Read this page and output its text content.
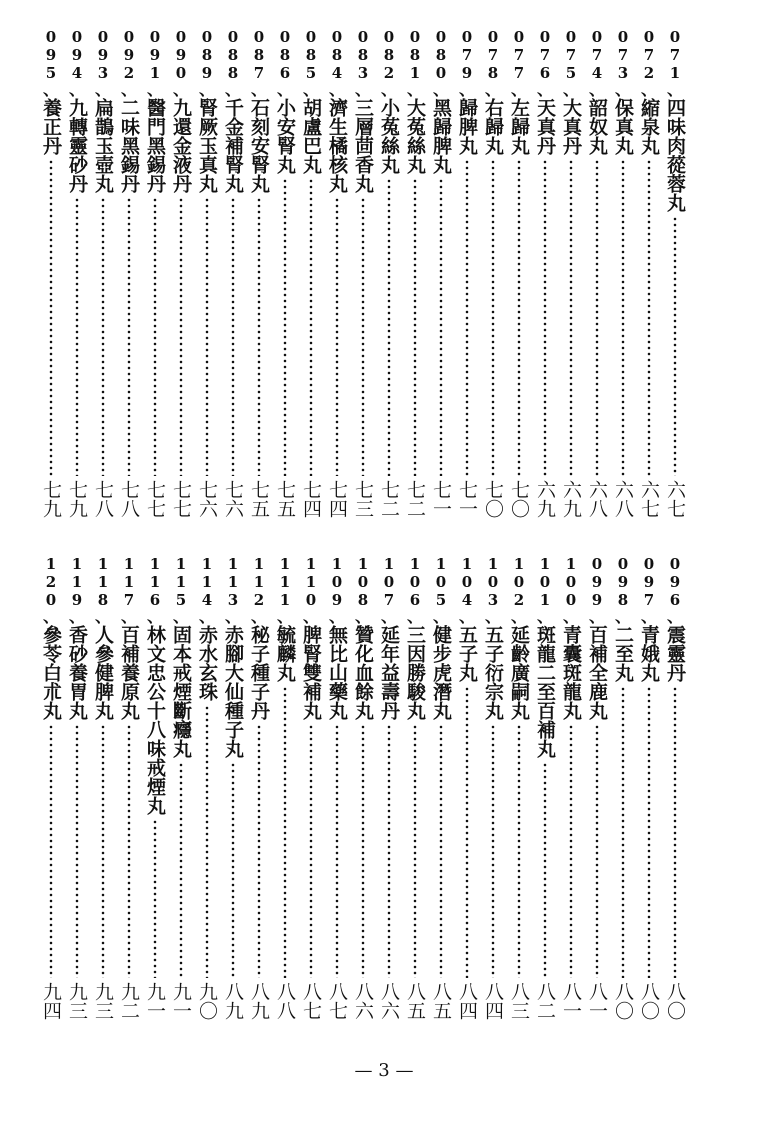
0
7
1
、
四味肉蓯蓉丸
六七
0
7
2
、
縮泉丸
六七
0
7
3
、
保真丸
六八
0
7
4
、
韶奴丸
六八
0
7
5
、
大真丹
六九
0
7
6
、
天真丹
六九
0
7
7
、
左歸丸
七〇
0
7
8
、
右歸丸
七〇
0
7
9
、
歸脾丸
七一
0
8
0
、
黑歸脾丸
七一
0
8
1
、
大菟絲丸
七二
0
8
2
、
小菟絲丸
七二
0
8
3
、
三層茴香丸
七三
0
8
4
、
濟生橘核丸
七四
0
8
5
、
胡盧巴丸
七四
0
8
6
、
小安腎丸
七五
0
8
7
、
石刻安腎丸
七五
0
8
8
、
千金補腎丸
七六
0
8
9
、
腎厥玉真丸
七六
0
9
0
、
九還金液丹
七七
0
9
1
、
醫門黑錫丹
七七
0
9
2
、
二味黑錫丹
七八
0
9
3
、
扁鵲玉壺丸
七八
0
9
4
、
九轉靈砂丹
七九
0
9
5
、
養正丹
七九
0
9
6
、
震靈丹
八〇
0
9
7
、
青娥丸
八〇
0
9
8
、
二至丸
八〇
0
9
9
、
百補全鹿丸
八一
1
0
0
、
青囊斑龍丸
八一
1
0
1
、
斑龍二至百補丸
八二
1
0
2
、
延齡廣嗣丸
八三
1
0
3
、
五子衍宗丸
八四
1
0
4
、
五子丸
八四
1
0
5
、
健步虎潛丸
八五
1
0
6
、
三因勝駿丸
八五
1
0
7
、
延年益壽丹
八六
1
0
8
、
贊化血餘丸
八六
1
0
9
、
無比山藥丸
八七
1
1
0
、
脾腎雙補丸
八七
1
1
1
、
毓麟丸
八八
1
1
2
、
秘子種子丹
八九
1
1
3
、
赤腳大仙種子丸
八九
1
1
4
、
赤水玄珠
九〇
1
1
5
、
固本戒煙斷癮丸
九一
1
1
6
、
林文忠公十八味戒煙丸
九一
1
1
7
、
百補養原丸
九二
1
1
8
、
人參健脾丸
九三
1
1
9
、
香砂養胃丸
九三
1
2
0
、
參苓白朮丸
九四
— 3 —
